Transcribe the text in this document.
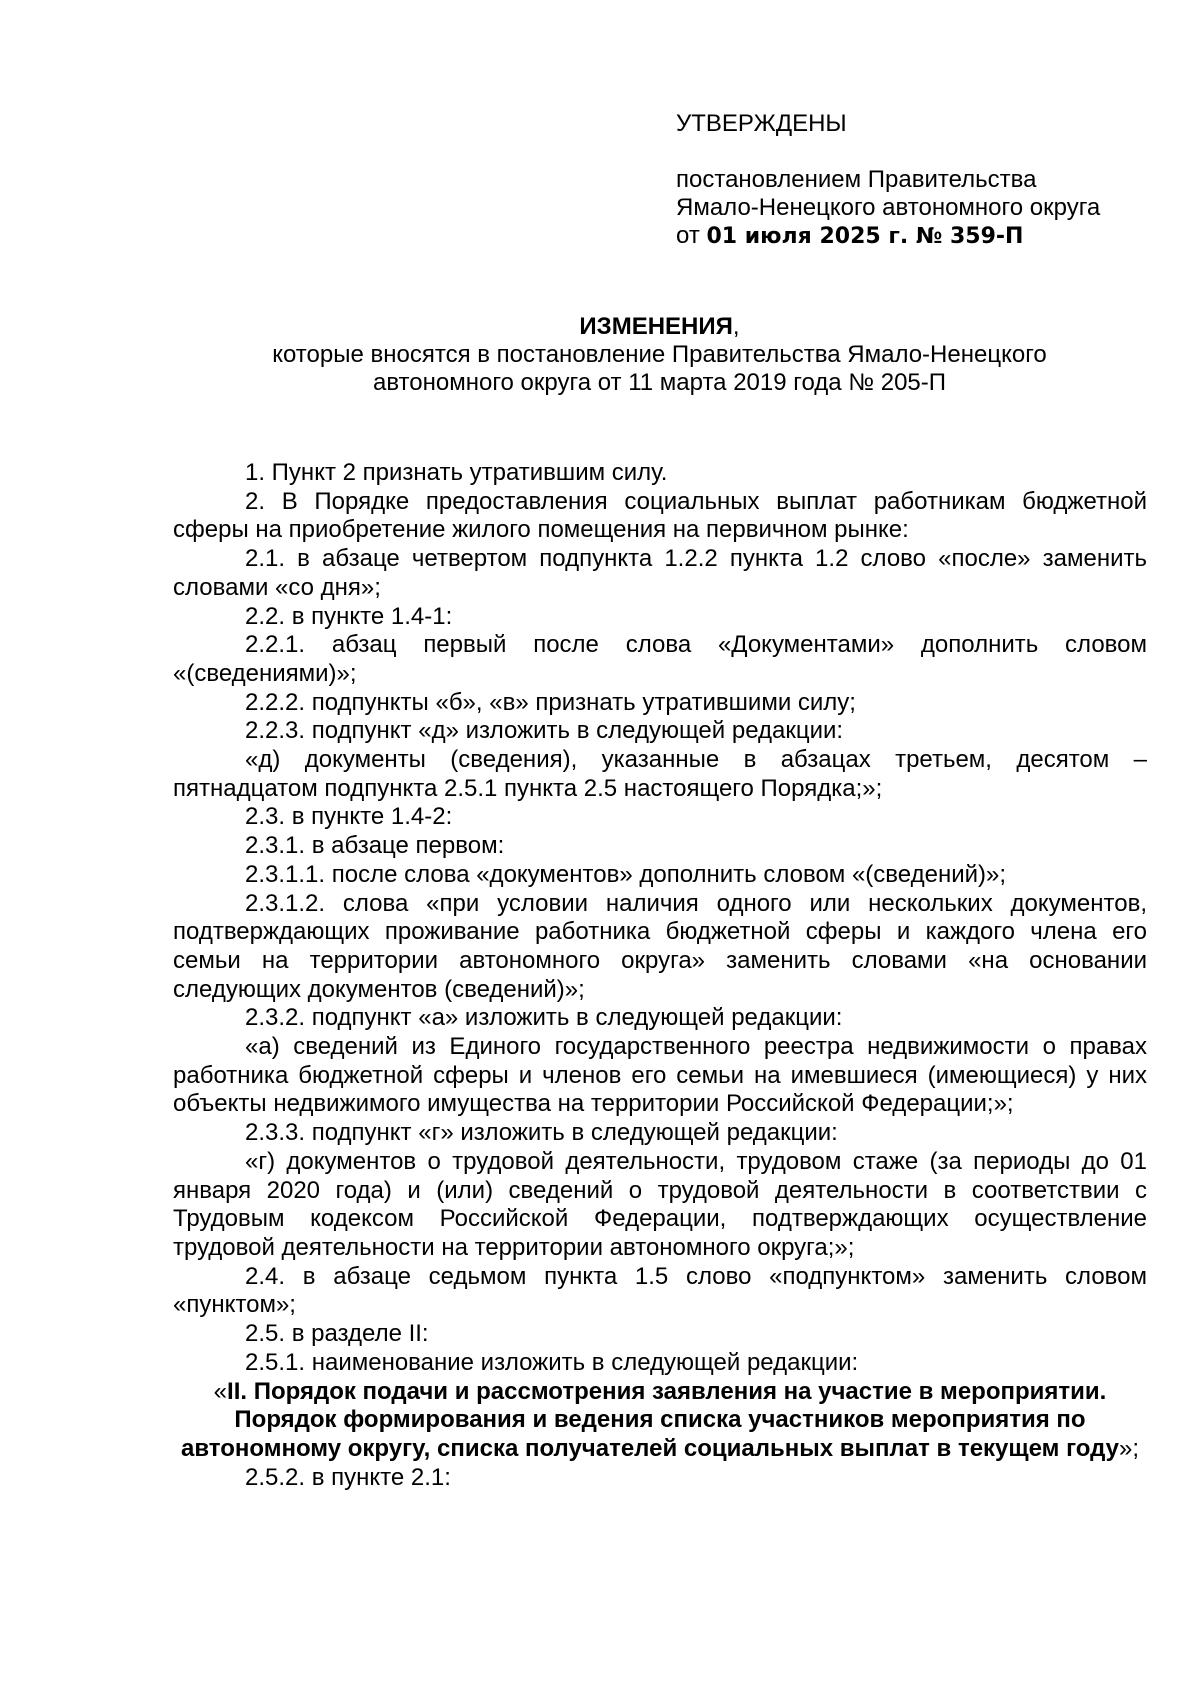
УТВЕРЖДЕНЫ
постановлением Правительства
Ямало-Ненецкого автономного округа
от 01 июля 2025 г. № 359-П
ИЗМЕНЕНИЯ,
которые вносятся в постановление Правительства Ямало-Ненецкого автономного округа от 11 марта 2019 года № 205-П

1. Пункт 2 признать утратившим силу.

2. В Порядке предоставления социальных выплат работникам бюджетной сферы на приобретение жилого помещения на первичном рынке:

2.1. в абзаце четвертом подпункта 1.2.2 пункта 1.2 слово «после» заменить словами «со дня»;

2.2. в пункте 1.4-1:

2.2.1. абзац первый после слова «Документами» дополнить словом «(сведениями)»;

2.2.2. подпункты «б», «в» признать утратившими силу;

2.2.3. подпункт «д» изложить в следующей редакции:

«д) документы (сведения), указанные в абзацах третьем, десятом – пятнадцатом подпункта 2.5.1 пункта 2.5 настоящего Порядка;»;

2.3. в пункте 1.4-2:

2.3.1. в абзаце первом:

2.3.1.1. после слова «документов» дополнить словом «(сведений)»;

2.3.1.2. слова «при условии наличия одного или нескольких документов, подтверждающих проживание работника бюджетной сферы и каждого члена его семьи на территории автономного округа» заменить словами «на основании следующих документов (сведений)»;

2.3.2. подпункт «а» изложить в следующей редакции:

«а) сведений из Единого государственного реестра недвижимости о правах работника бюджетной сферы и членов его семьи на имевшиеся (имеющиеся) у них объекты недвижимого имущества на территории Российской Федерации;»;

2.3.3. подпункт «г» изложить в следующей редакции:

«г) документов о трудовой деятельности, трудовом стаже (за периоды до 01 января 2020 года) и (или) сведений о трудовой деятельности в соответствии с Трудовым кодексом Российской Федерации, подтверждающих осуществление трудовой деятельности на территории автономного округа;»;

2.4. в абзаце седьмом пункта 1.5 слово «подпунктом» заменить словом «пунктом»;

2.5. в разделе II:

2.5.1. наименование изложить в следующей редакции:

«II. Порядок подачи и рассмотрения заявления на участие в мероприятии. Порядок формирования и ведения списка участников мероприятия по автономному округу, списка получателей социальных выплат в текущем году»;

2.5.2. в пункте 2.1:
